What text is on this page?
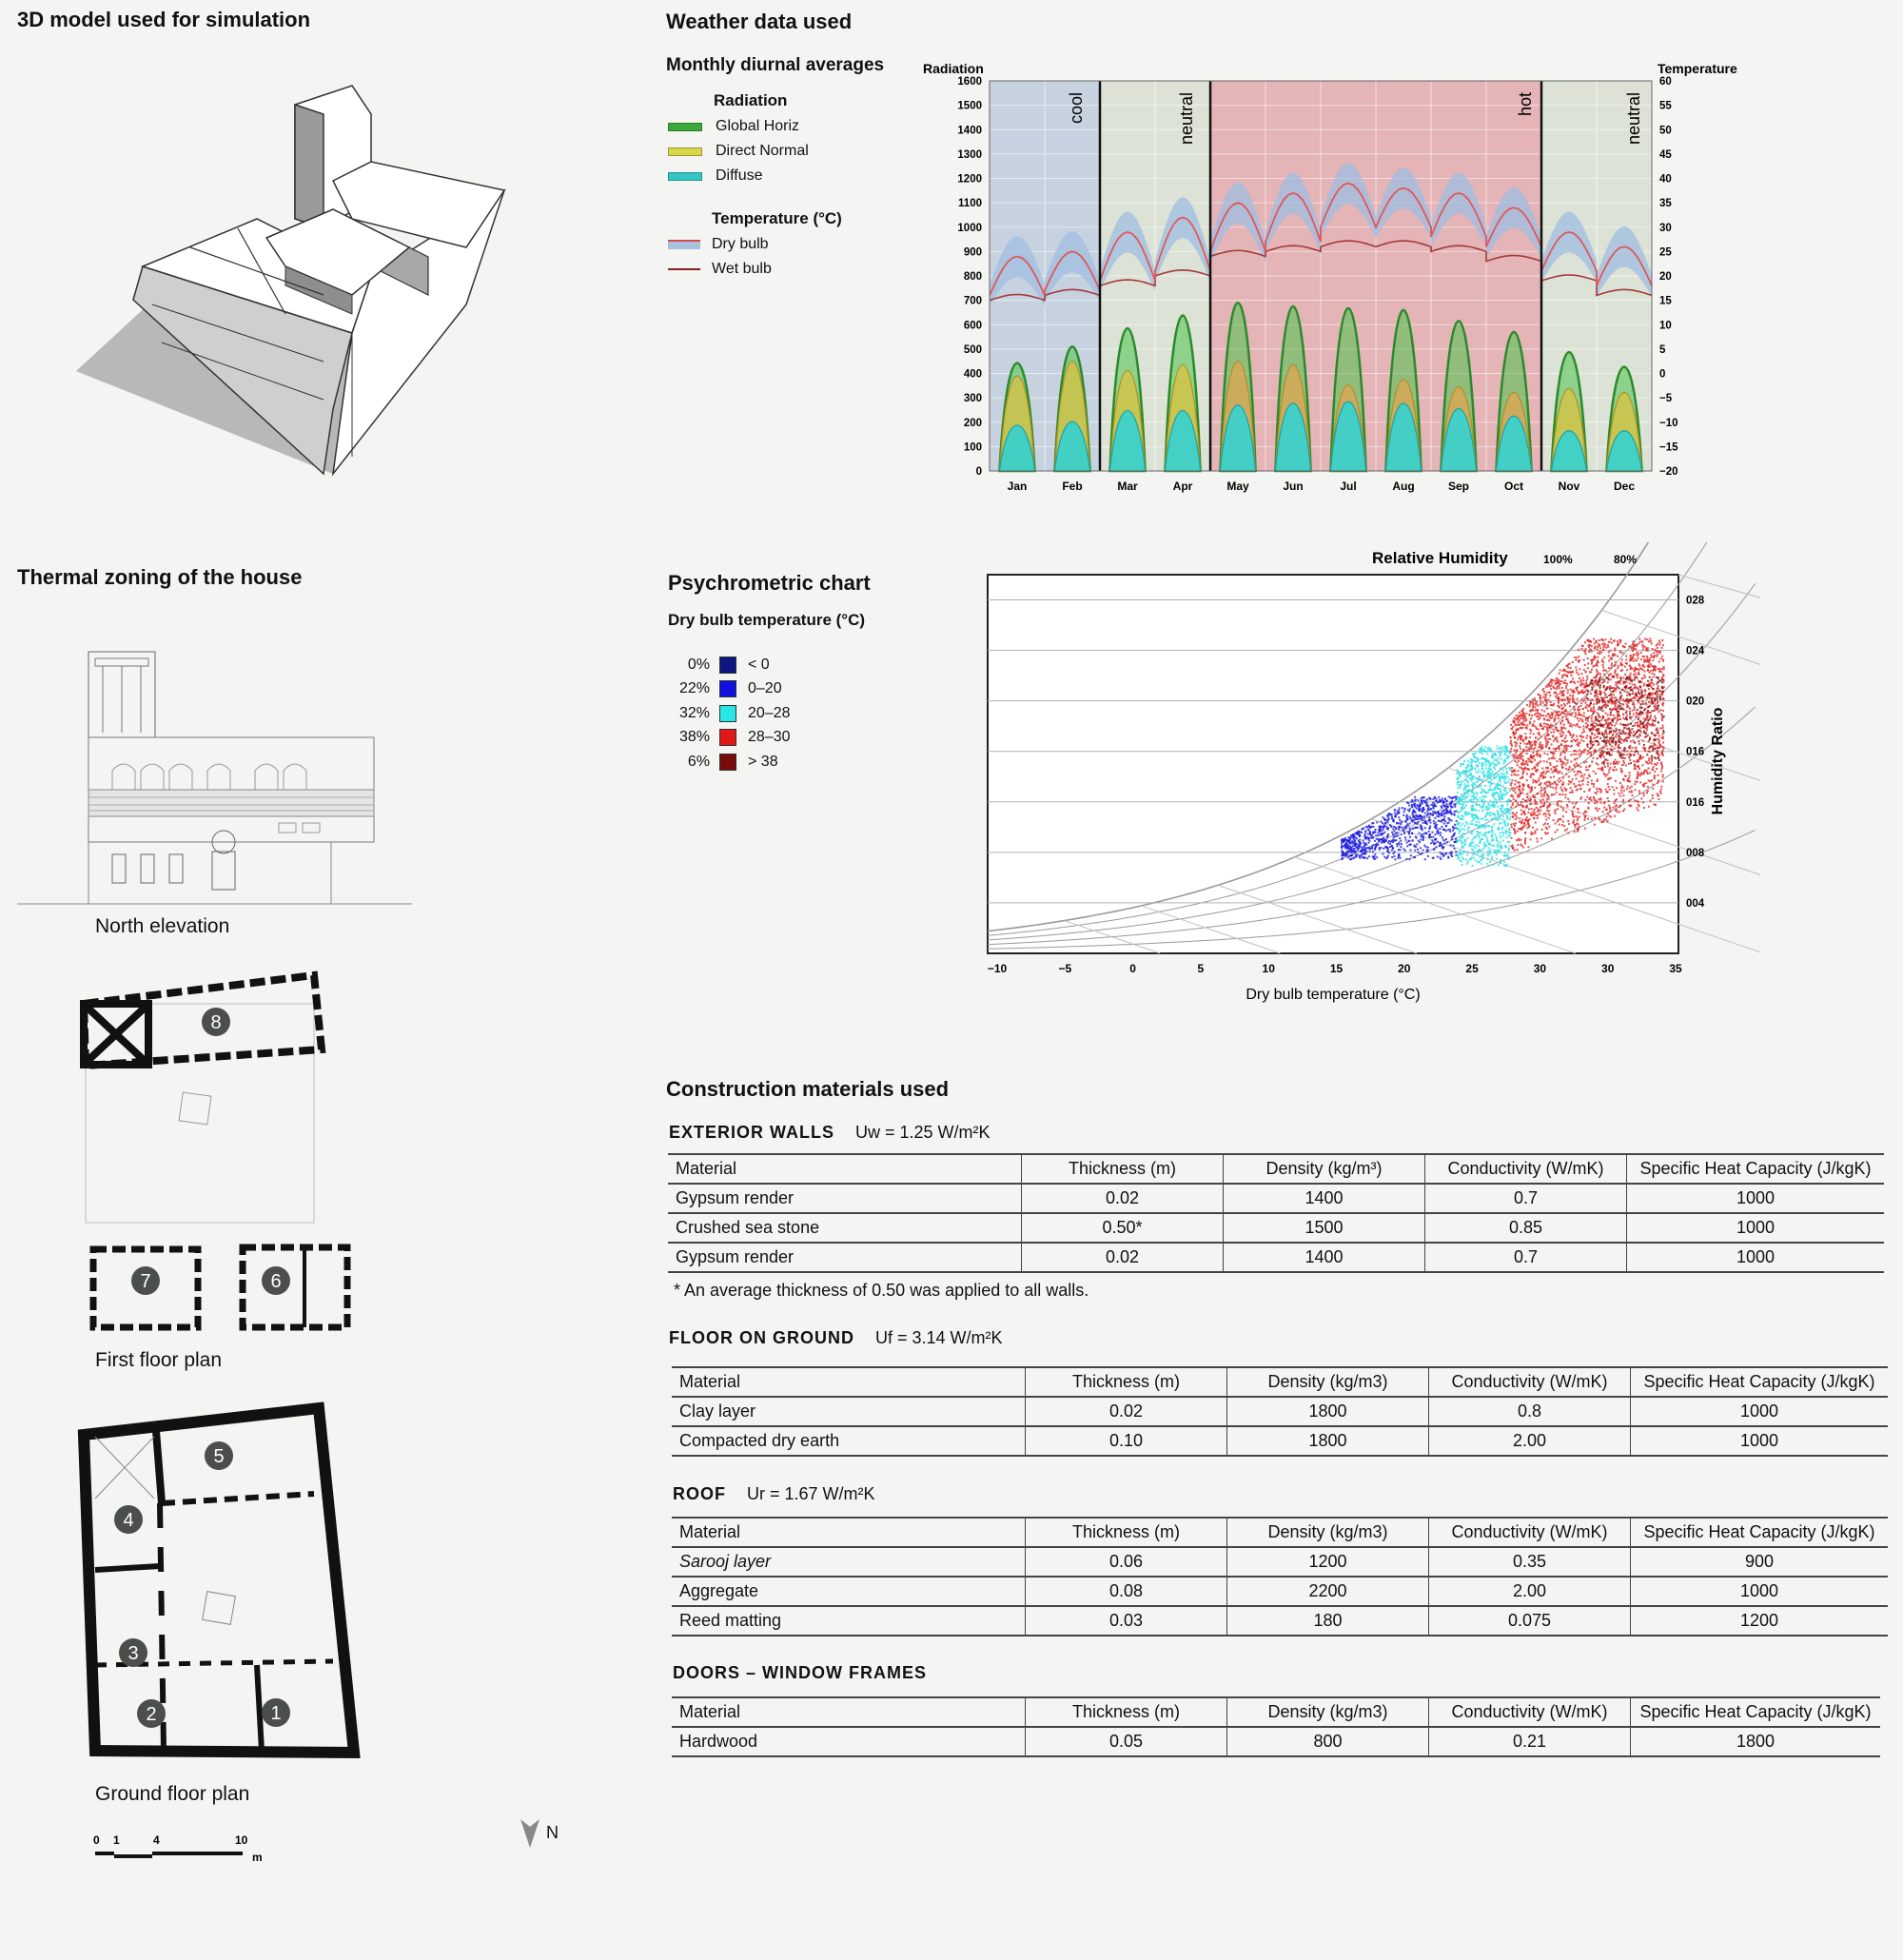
3D model used for simulation	Weather data used
Monthly diurnal averages
Thermal zoning of the house	Psychrometric chart
Dry bulb temperature (°C)
Construction materials used
Radiation
Global Horiz
Direct Normal
Diffuse
Temperature (°C)
Dry bulb
Wet bulb
cool	neutral	hot	neutral
Radiation	Temperature
1600
1500
1400
1300
1200
1100
1000
900
800
700
600
500
400
300
200
100
0
60
55
50
45
40
35
30
25
20
15
10
5
0
−5
−10
−15
−20
Jan	Feb	Mar	Apr	May	Jun	Jul	Aug	Sep	Oct	Nov	Dec
North elevation
8
7	6
First floor plan
5
4
3
2	1
Ground floor plan
0 1	4	10
m
N
0%	< 0
22%	0–20
32%	20–28
38%	28–30
6%	> 38
Relative Humidity	100%	80%
028
024
020
016
016
008
004
Humidity Ratio
−10	−5	0	5	10	15	20	25	30	30	35
Dry bulb temperature (°C)
EXTERIOR WALLS Uw = 1.25 W/m²K
Material	Thickness (m)	Density (kg/m³)	Conductivity (W/mK)	Specific Heat Capacity (J/kgK)
Gypsum render	0.02	1400	0.7	1000
Crushed sea stone	0.50*	1500	0.85	1000
Gypsum render	0.02	1400	0.7	1000
* An average thickness of 0.50 was applied to all walls.
FLOOR ON GROUND Uf = 3.14 W/m²K
Material	Thickness (m)	Density (kg/m3)	Conductivity (W/mK)	Specific Heat Capacity (J/kgK)
Clay layer	0.02	1800	0.8	1000
Compacted dry earth	0.10	1800	2.00	1000
ROOF Ur = 1.67 W/m²K
Material	Thickness (m)	Density (kg/m3)	Conductivity (W/mK)	Specific Heat Capacity (J/kgK)
Sarooj layer	0.06	1200	0.35	900
Aggregate	0.08	2200	2.00	1000
Reed matting	0.03	180	0.075	1200
DOORS – WINDOW FRAMES
Material	Thickness (m)	Density (kg/m3)	Conductivity (W/mK)	Specific Heat Capacity (J/kgK)
Hardwood	0.05	800	0.21	1800
